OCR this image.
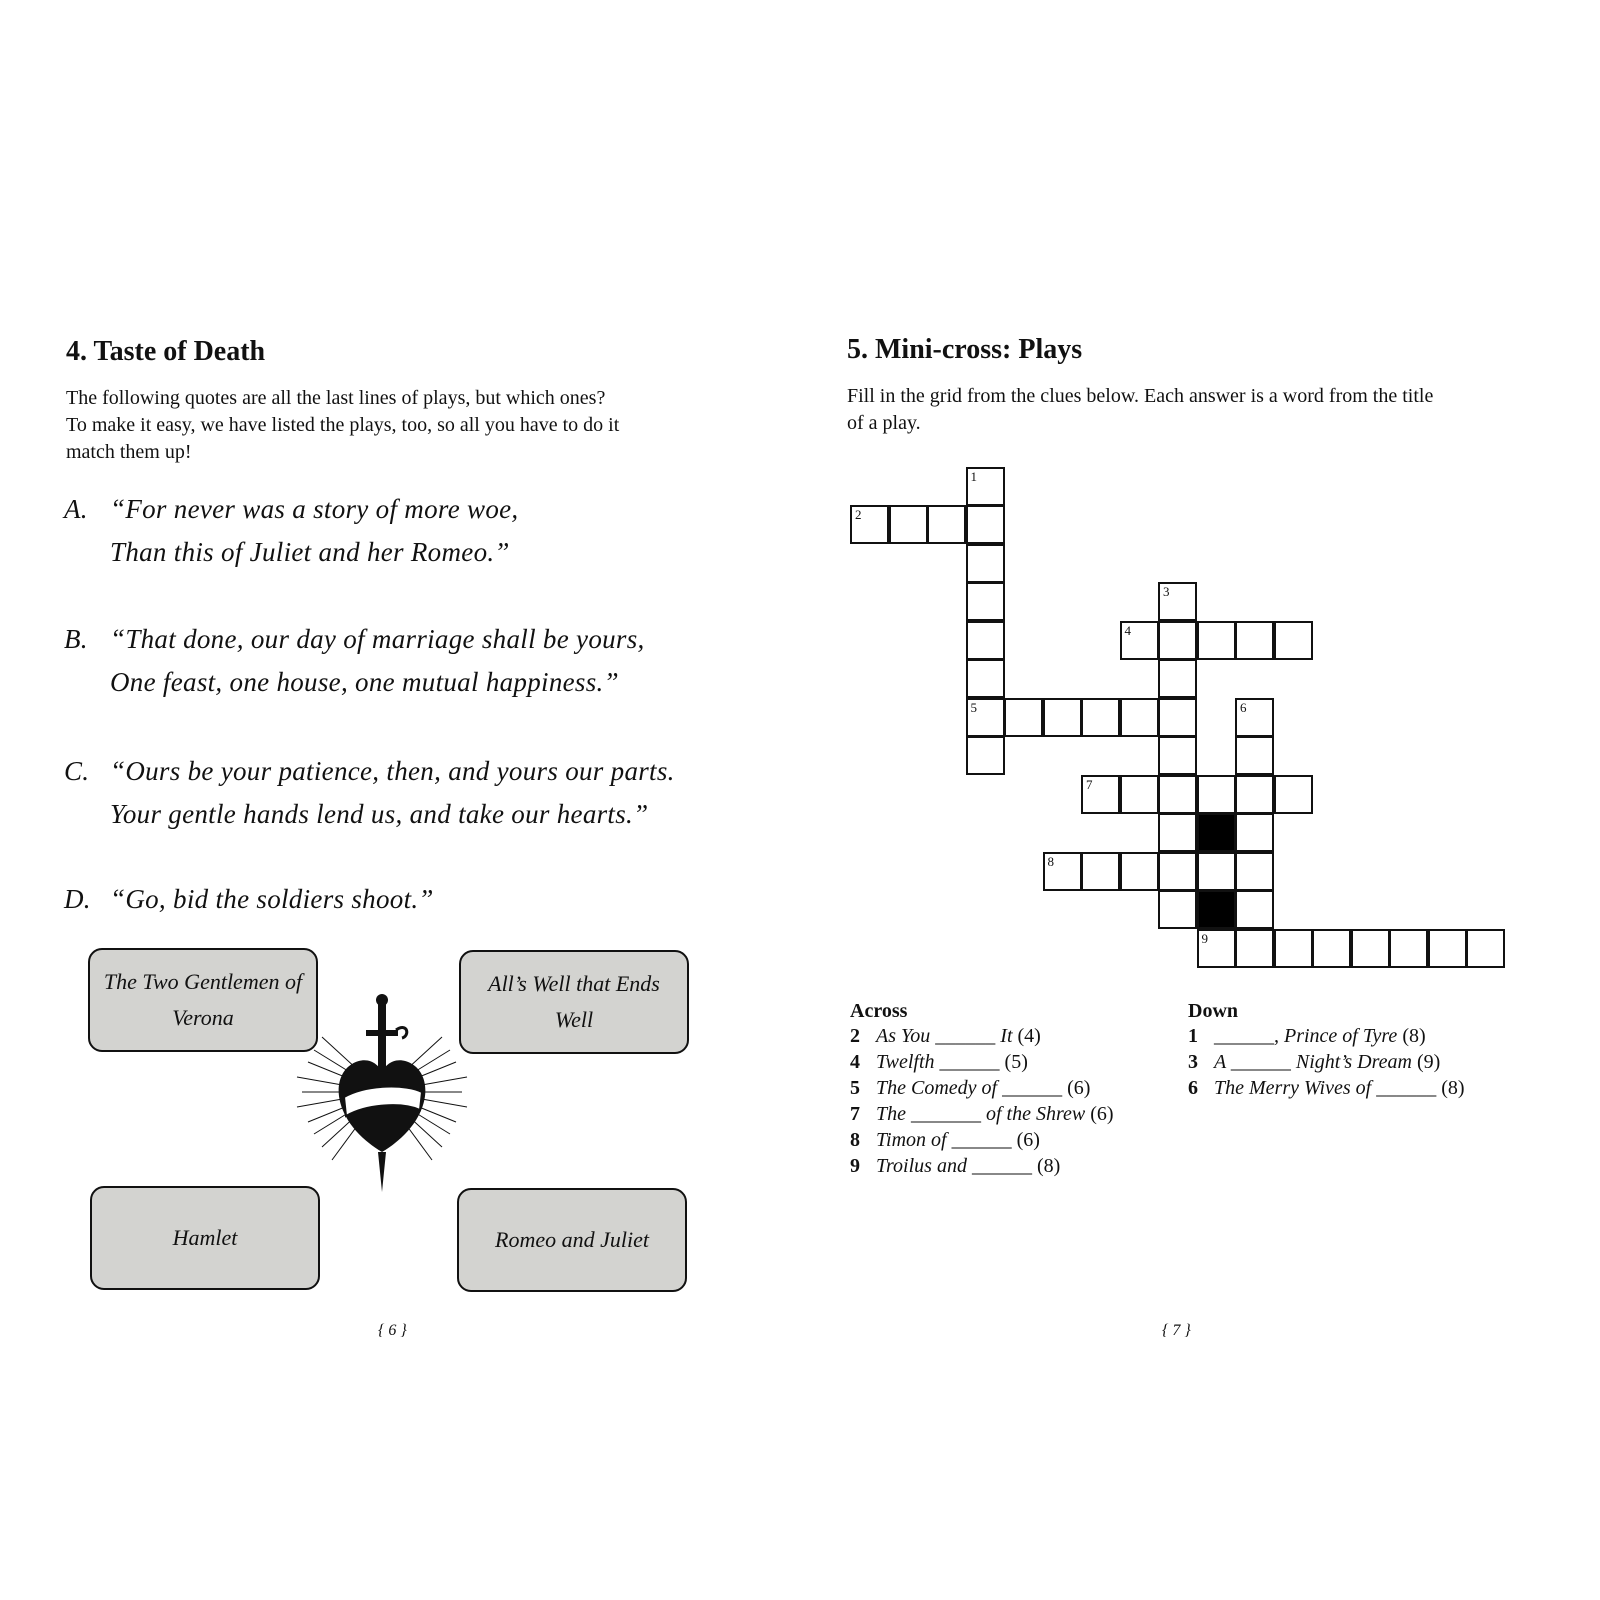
4. Taste of Death
The following quotes are all the last lines of plays, but which ones? To make it easy, we have listed the plays, too, so all you have to do it match them up!
A. “For never was a story of more woe,
Than this of Juliet and her Romeo.”
B. “That done, our day of marriage shall be yours,
One feast, one house, one mutual happiness.”
C. “Ours be your patience, then, and yours our parts.
Your gentle hands lend us, and take our hearts.”
D. “Go, bid the soldiers shoot.”
The Two Gentlemen of Verona
All’s Well that Ends Well
Hamlet	Romeo and Juliet
{ 6 }
5. Mini-cross: Plays
Fill in the grid from the clues below. Each answer is a word from the title of a play.
1
5
2
3
4
6
7
8
9
Across
2 As You ______ It (4)
4 Twelfth ______ (5)
5 The Comedy of ______ (6)
7 The _______ of the Shrew (6)
8 Timon of ______ (6)
9 Troilus and ______ (8)
Down
1 ______, Prince of Tyre (8)
3 A ______ Night’s Dream (9)
6 The Merry Wives of ______ (8)
{ 7 }
